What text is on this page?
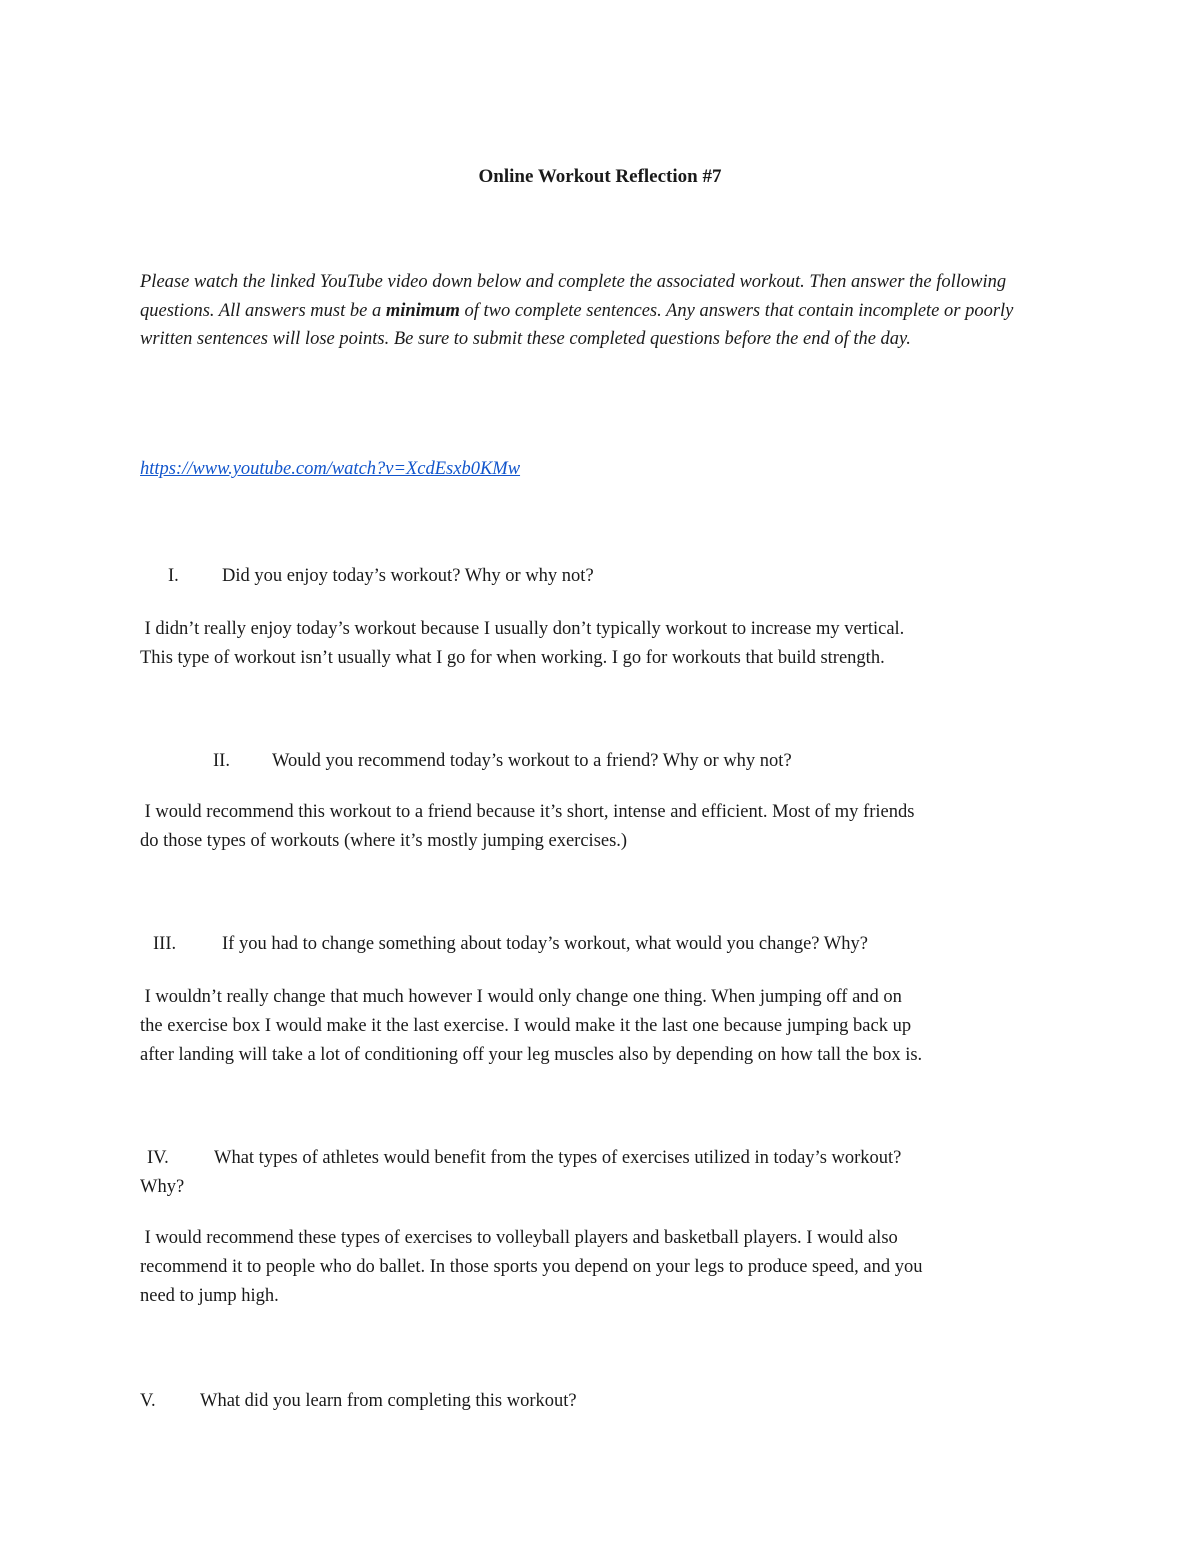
Online Workout Reflection #7
Please watch the linked YouTube video down below and complete the associated workout. Then answer the following questions. All answers must be a minimum of two complete sentences. Any answers that contain incomplete or poorly written sentences will lose points. Be sure to submit these completed questions before the end of the day.
https://www.youtube.com/watch?v=XcdEsxb0KMw
I. Did you enjoy today’s workout? Why or why not?
I didn’t really enjoy today’s workout because I usually don’t typically workout to increase my vertical.
This type of workout isn’t usually what I go for when working. I go for workouts that build strength.
II. Would you recommend today’s workout to a friend? Why or why not?
I would recommend this workout to a friend because it’s short, intense and efficient. Most of my friends
do those types of workouts (where it’s mostly jumping exercises.)
III. If you had to change something about today’s workout, what would you change? Why?
I wouldn’t really change that much however I would only change one thing. When jumping off and on
the exercise box I would make it the last exercise. I would make it the last one because jumping back up
after landing will take a lot of conditioning off your leg muscles also by depending on how tall the box is.
IV. What types of athletes would benefit from the types of exercises utilized in today’s workout?
Why?
I would recommend these types of exercises to volleyball players and basketball players. I would also
recommend it to people who do ballet. In those sports you depend on your legs to produce speed, and you
need to jump high.
V. What did you learn from completing this workout?
